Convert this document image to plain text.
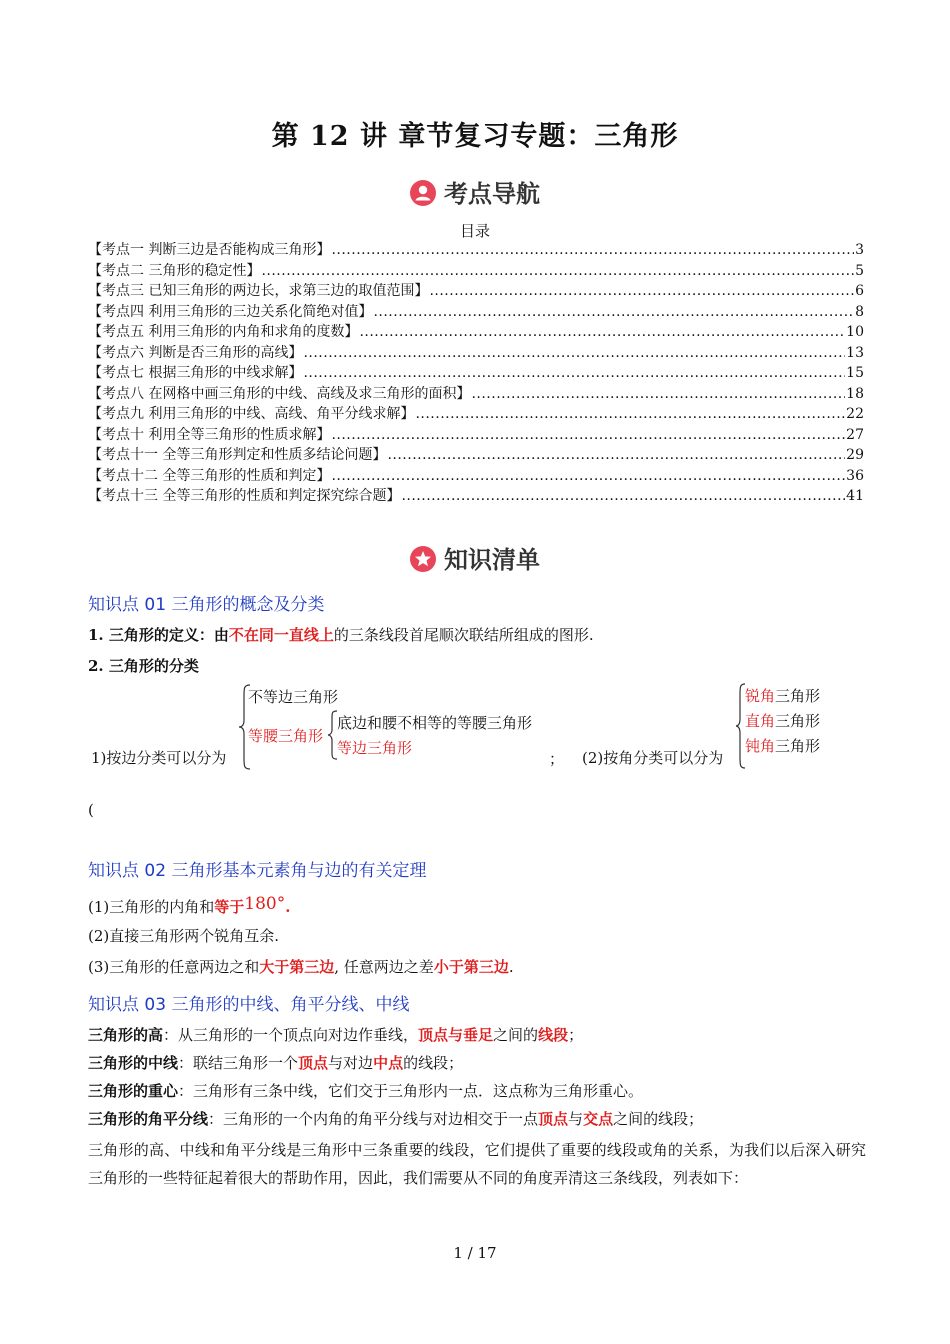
第 12 讲 章节复习专题：三角形
考点导航
目录
【考点一 判断三边是否能构成三角形】 .....	3
【考点二 三角形的稳定性】 .....	5
【考点三 已知三角形的两边长，求第三边的取值范围】 .....	6
【考点四 利用三角形的三边关系化简绝对值】 .....	8
【考点五 利用三角形的内角和求角的度数】 .....	10
【考点六 判断是否三角形的高线】 .....	13
【考点七 根据三角形的中线求解】 .....	15
【考点八 在网格中画三角形的中线、高线及求三角形的面积】 .....	18
【考点九 利用三角形的中线、高线、角平分线求解】 .....	22
【考点十 利用全等三角形的性质求解】 .....	27
【考点十一 全等三角形判定和性质多结论问题】 .....	29
【考点十二 全等三角形的性质和判定】 .....	36
【考点十三 全等三角形的性质和判定探究综合题】 .....	41
知识清单
知识点 01 三角形的概念及分类
1. 三角形的定义：由不在同一直线上的三条线段首尾顺次联结所组成的图形.
2. 三角形的分类
1)按边分类可以分为
不等边三角形
等腰三角形
底边和腰不相等的等腰三角形
等边三角形
； (2)按角分类可以分为
锐角三角形
直角三角形
钝角三角形
(
知识点 02 三角形基本元素角与边的有关定理
(1)三角形的内角和等于180°.
(2)直接三角形两个锐角互余.
(3)三角形的任意两边之和大于第三边, 任意两边之差小于第三边.
知识点 03 三角形的中线、角平分线、中线
三角形的高：从三角形的一个顶点向对边作垂线，顶点与垂足之间的线段；
三角形的中线：联结三角形一个顶点与对边中点的线段；
三角形的重心：三角形有三条中线，它们交于三角形内一点．这点称为三角形重心。
三角形的角平分线：三角形的一个内角的角平分线与对边相交于一点顶点与交点之间的线段；
三角形的高、中线和角平分线是三角形中三条重要的线段，它们提供了重要的线段或角的关系，为我们以后深入研究三角形的一些特征起着很大的帮助作用，因此，我们需要从不同的角度弄清这三条线段，列表如下：
1 / 17
